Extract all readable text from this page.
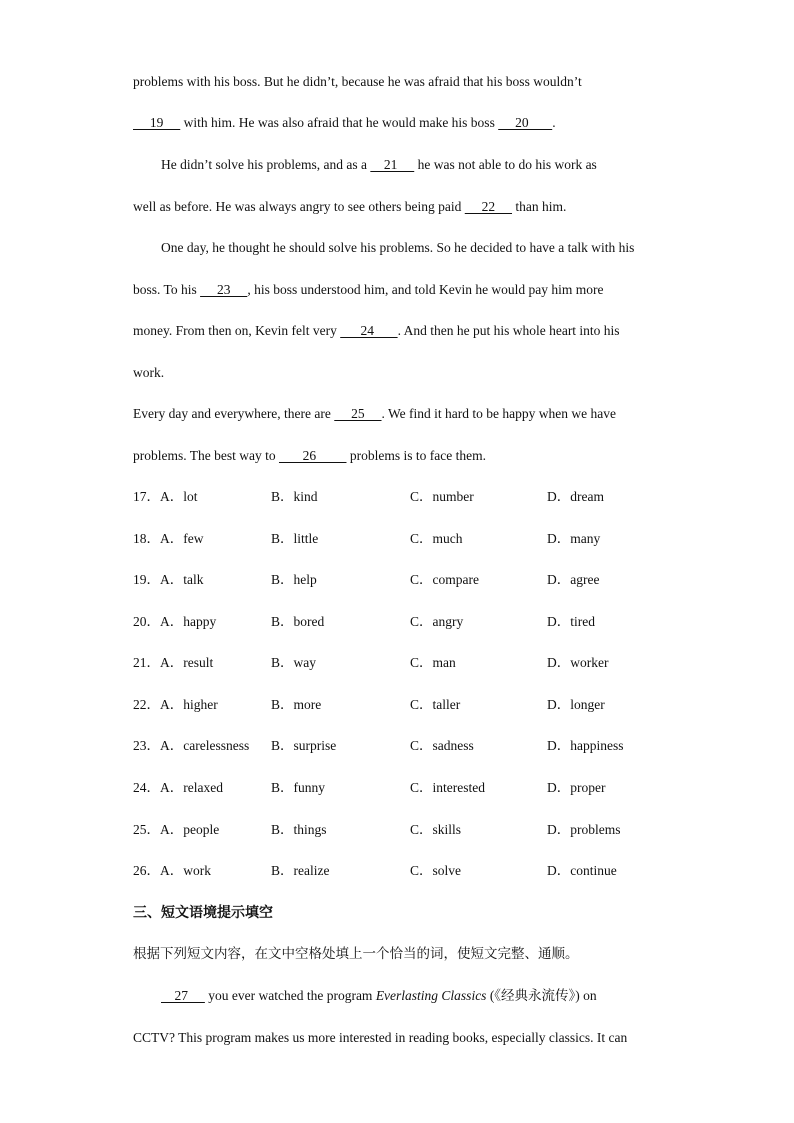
problems with his boss. But he didn’t, because he was afraid that his boss wouldn’t
19      with him. He was also afraid that he would make his boss      20       .
He didn’t solve his problems, and as a     21      he was not able to do his work as
well as before. He was always angry to see others being paid      22      than him.
One day, he thought he should solve his problems. So he decided to have a talk with his
boss. To his      23     , his boss understood him, and told Kevin he would pay him more
money. From then on, Kevin felt very       24       . And then he put his whole heart into his
work.
Every day and everywhere, there are      25     . We find it hard to be happy when we have
problems. The best way to        26          problems is to face them.
17．A．lot	B．kind	C．number	D．dream
18．A．few	B．little	C．much	D．many
19．A．talk	B．help	C．compare	D．agree
20．A．happy	B．bored	C．angry	D．tired
21．A．result	B．way	C．man	D．worker
22．A．higher	B．more	C．taller	D．longer
23．A．carelessness B．surprise	C．sadness	D．happiness
24．A．relaxed	B．funny	C．interested	D．proper
25．A．people	B．things	C．skills	D．problems
26．A．work	B．realize	C．solve	D．continue
三、短文语境提示填空
根据下列短文内容，在文中空格处填上一个恰当的词，使短文完整、通顺。
27      you ever watched the program Everlasting Classics (《经典永流传》) on
CCTV? This program makes us more interested in reading books, especially classics. It can
